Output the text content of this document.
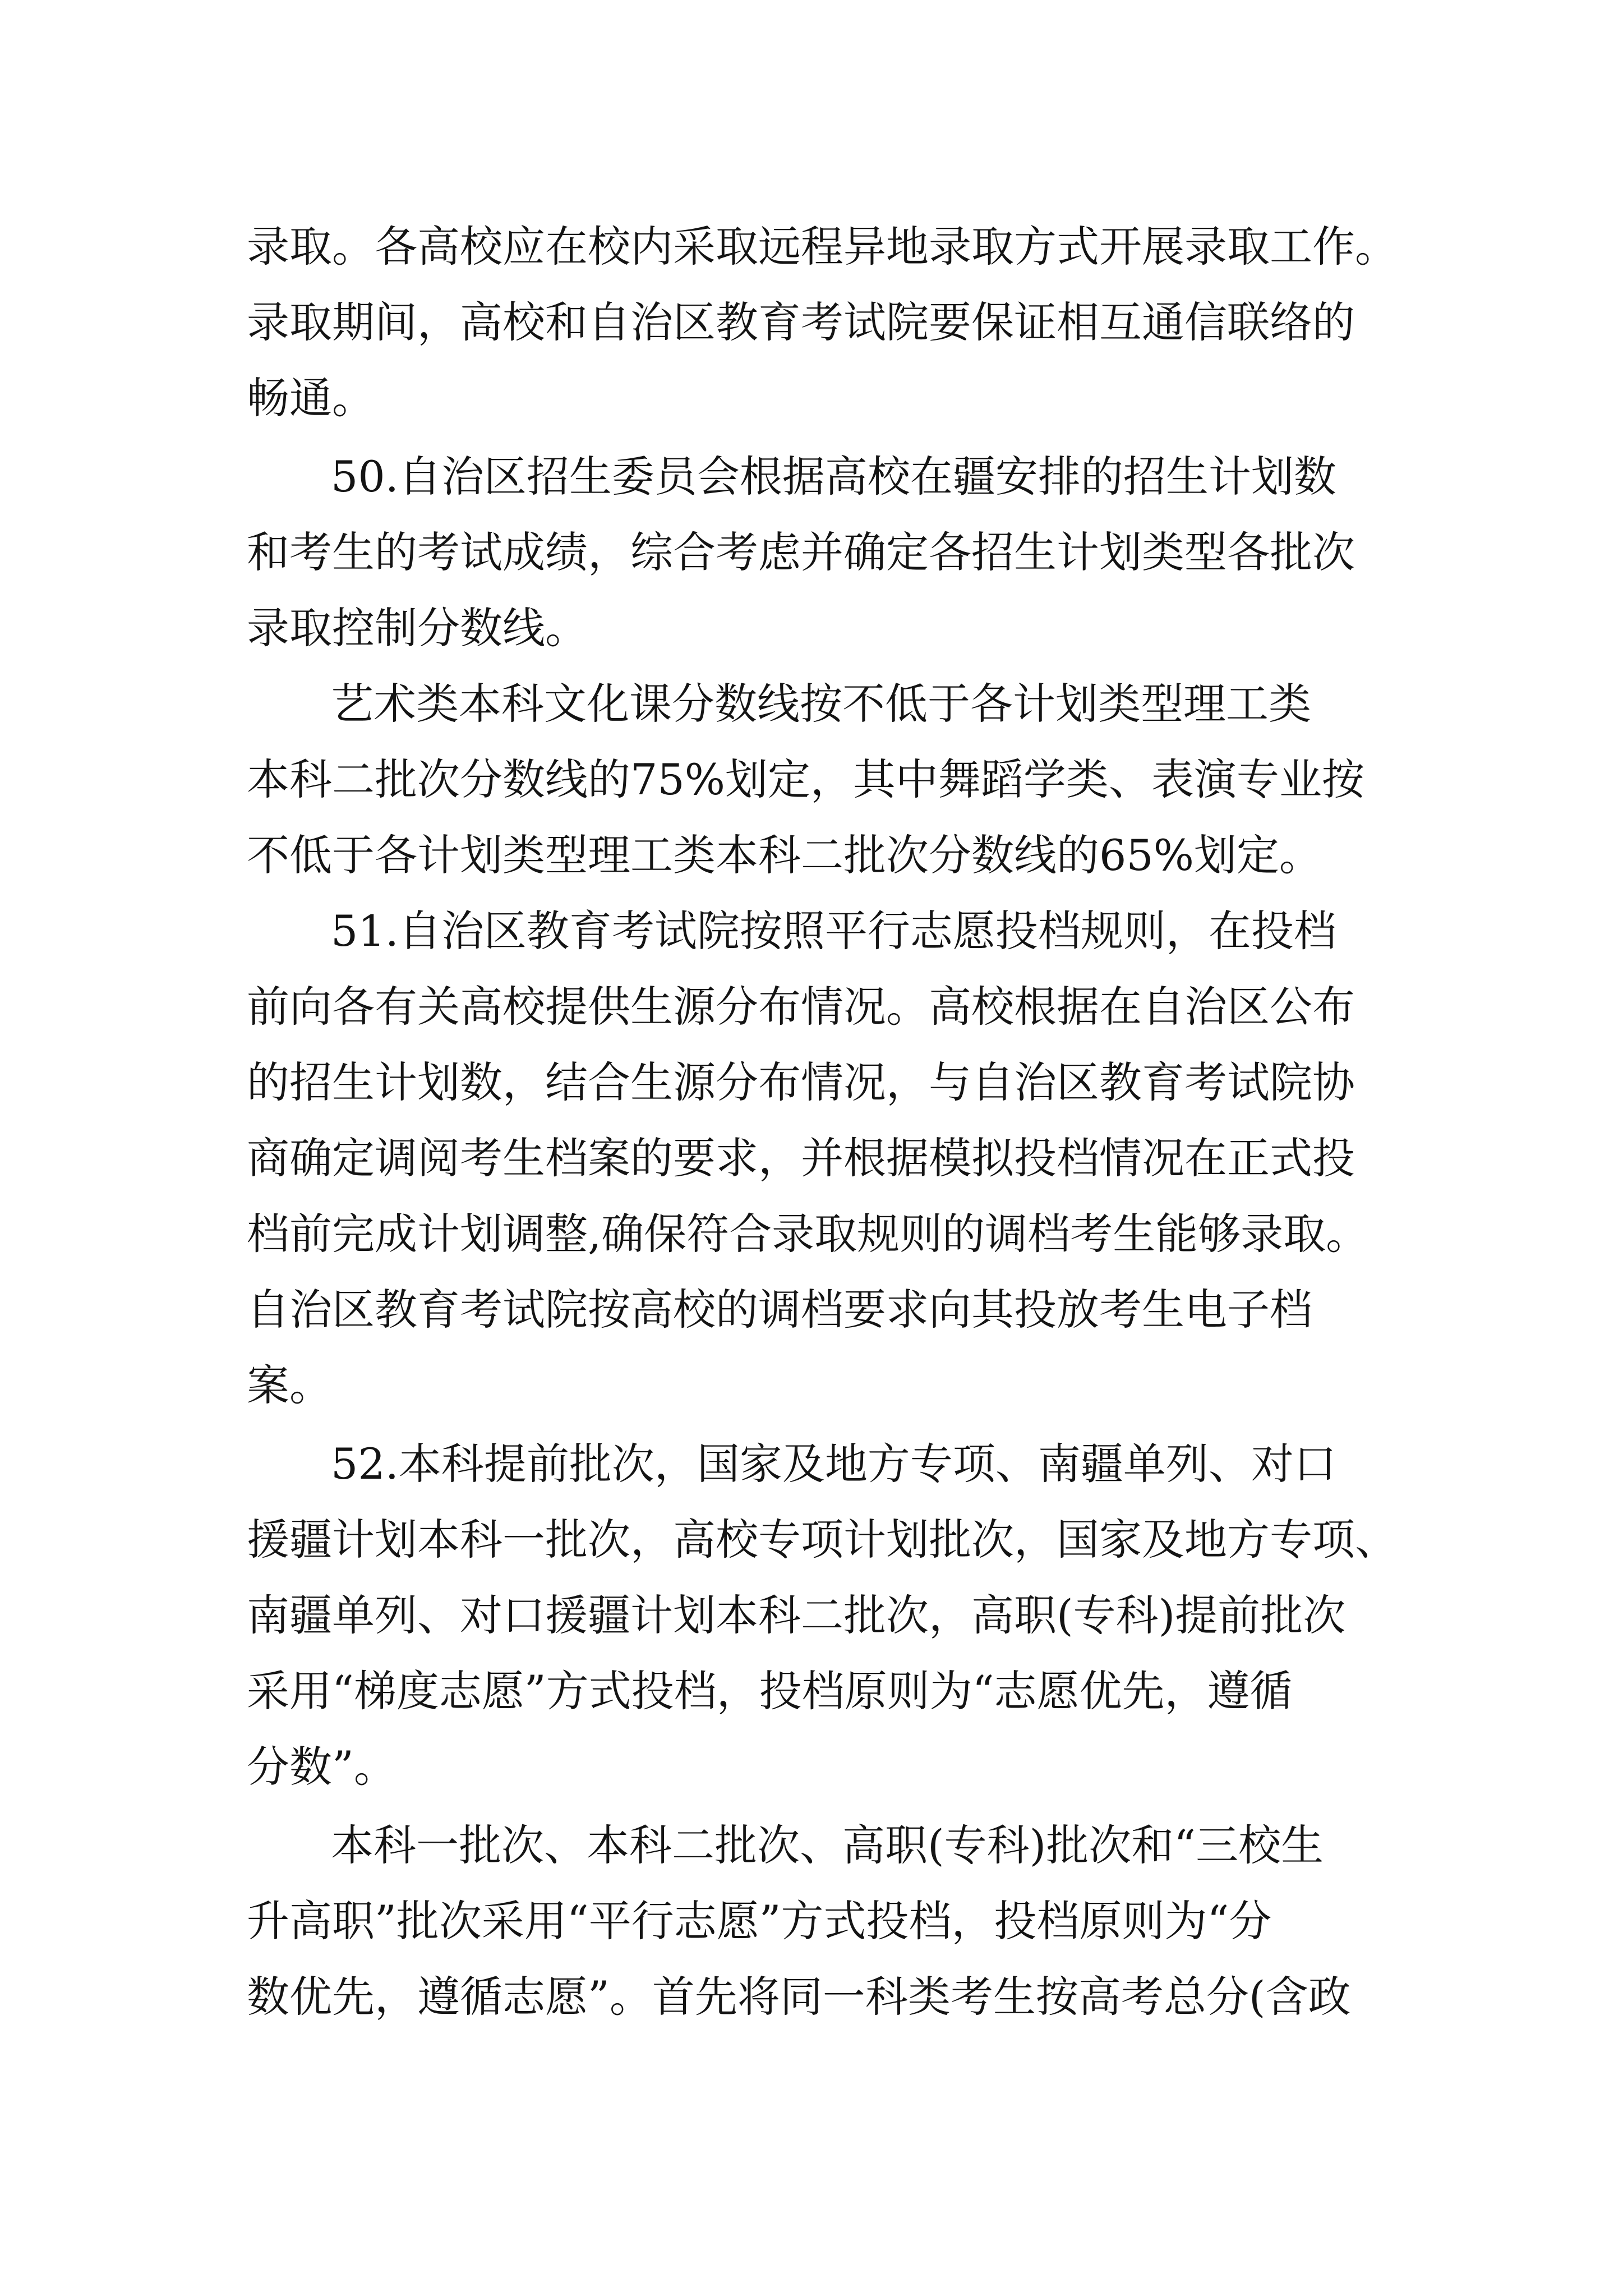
录取。各高校应在校内采取远程异地录取方式开展录取工作。
录取期间，高校和自治区教育考试院要保证相互通信联络的
畅通。
50.自治区招生委员会根据高校在疆安排的招生计划数
和考生的考试成绩，综合考虑并确定各招生计划类型各批次
录取控制分数线。
艺术类本科文化课分数线按不低于各计划类型理工类
本科二批次分数线的75%划定，其中舞蹈学类、表演专业按
不低于各计划类型理工类本科二批次分数线的65%划定。
51.自治区教育考试院按照平行志愿投档规则，在投档
前向各有关高校提供生源分布情况。高校根据在自治区公布
的招生计划数，结合生源分布情况，与自治区教育考试院协
商确定调阅考生档案的要求，并根据模拟投档情况在正式投
档前完成计划调整,确保符合录取规则的调档考生能够录取。
自治区教育考试院按高校的调档要求向其投放考生电子档
案。
52.本科提前批次，国家及地方专项、南疆单列、对口
援疆计划本科一批次，高校专项计划批次，国家及地方专项、
南疆单列、对口援疆计划本科二批次，高职(专科)提前批次
采用“梯度志愿”方式投档，投档原则为“志愿优先，遵循
分数”。
本科一批次、本科二批次、高职(专科)批次和“三校生
升高职”批次采用“平行志愿”方式投档，投档原则为“分
数优先，遵循志愿”。首先将同一科类考生按高考总分(含政
